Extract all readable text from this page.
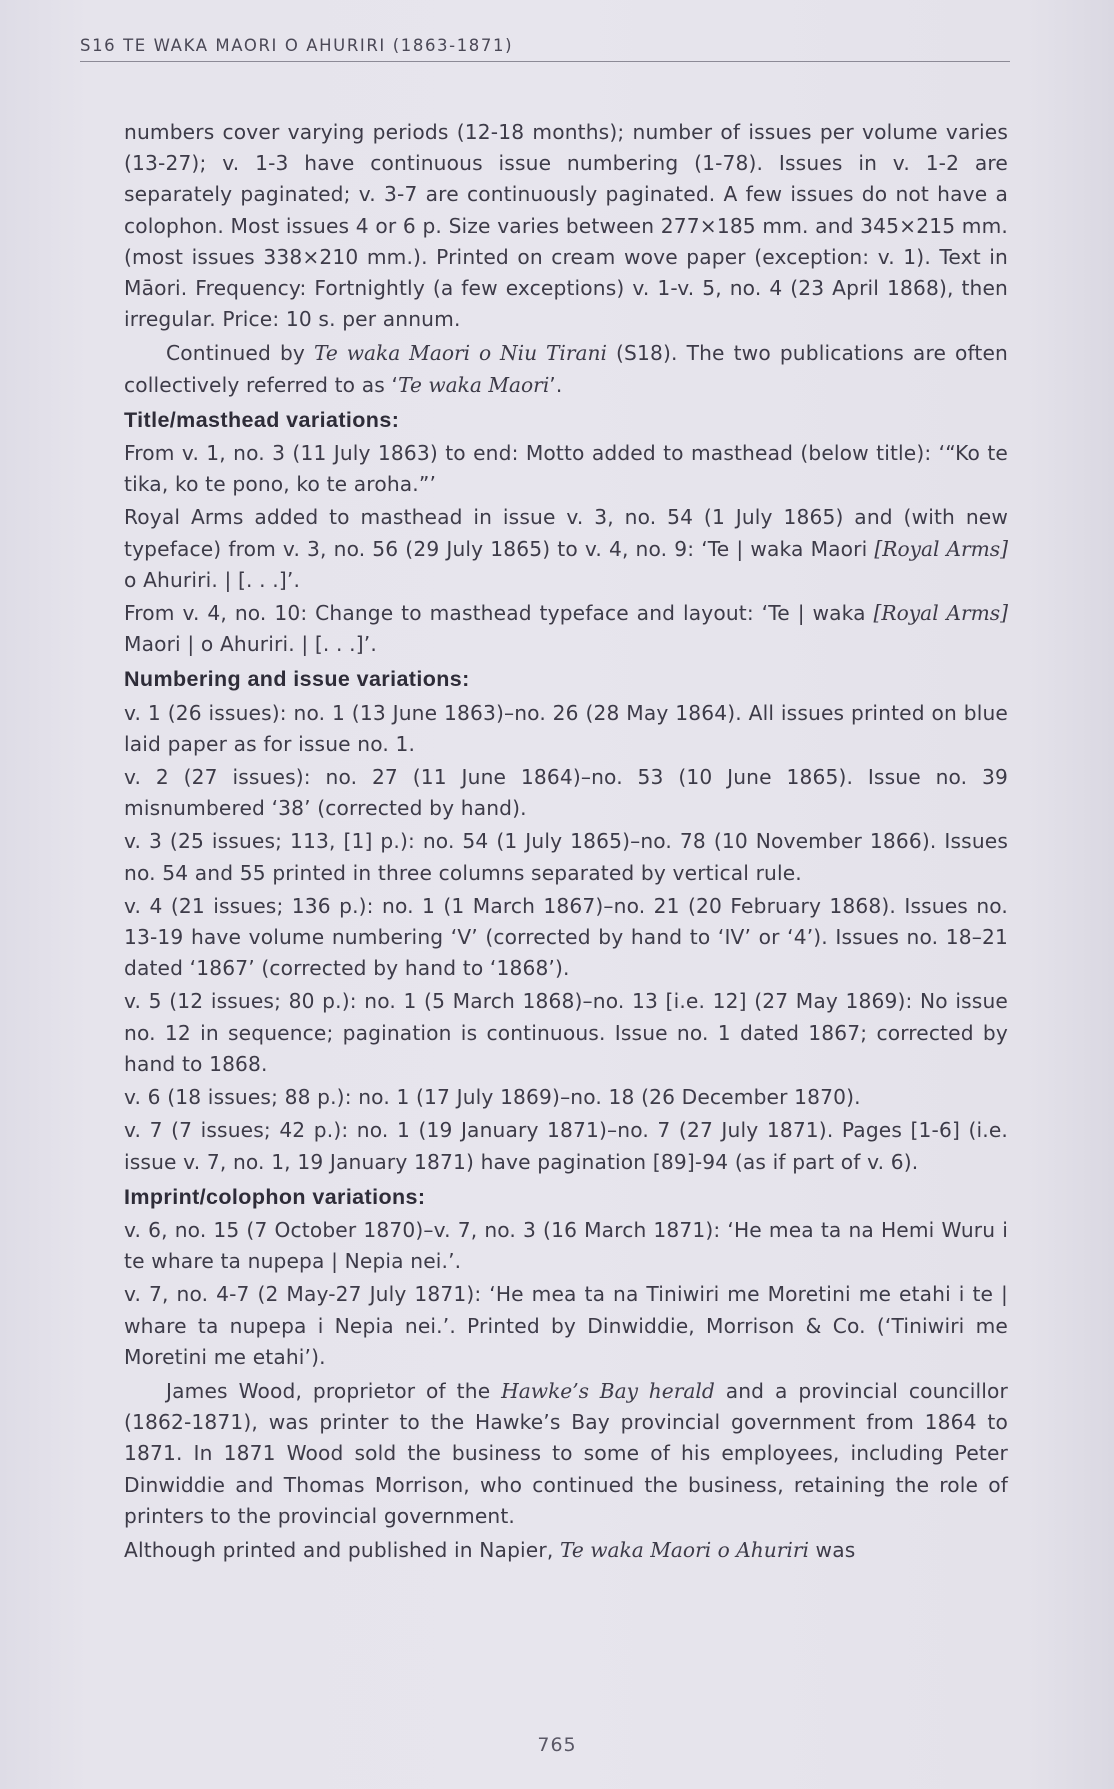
S16 TE WAKA MAORI O AHURIRI (1863-1871)

numbers cover varying periods (12-18 months); number of issues per volume varies (13-27); v. 1-3 have continuous issue numbering (1-78). Issues in v. 1-2 are separately paginated; v. 3-7 are continuously paginated. A few issues do not have a colophon. Most issues 4 or 6 p. Size varies between 277×185 mm. and 345×215 mm. (most issues 338×210 mm.). Printed on cream wove paper (exception: v. 1). Text in Māori. Frequency: Fortnightly (a few exceptions) v. 1-v. 5, no. 4 (23 April 1868), then irregular. Price: 10 s. per annum.

Continued by Te waka Maori o Niu Tirani (S18). The two publications are often collectively referred to as ‘Te waka Maori’.

Title/masthead variations:

From v. 1, no. 3 (11 July 1863) to end: Motto added to masthead (below title): ‘“Ko te tika, ko te pono, ko te aroha.”’

Royal Arms added to masthead in issue v. 3, no. 54 (1 July 1865) and (with new typeface) from v. 3, no. 56 (29 July 1865) to v. 4, no. 9: ‘Te | waka Maori [Royal Arms] o Ahuriri. | [. . .]’.

From v. 4, no. 10: Change to masthead typeface and layout: ‘Te | waka [Royal Arms] Maori | o Ahuriri. | [. . .]’.

Numbering and issue variations:

v. 1 (26 issues): no. 1 (13 June 1863)–no. 26 (28 May 1864). All issues printed on blue laid paper as for issue no. 1.

v. 2 (27 issues): no. 27 (11 June 1864)–no. 53 (10 June 1865). Issue no. 39 misnumbered ‘38’ (corrected by hand).

v. 3 (25 issues; 113, [1] p.): no. 54 (1 July 1865)–no. 78 (10 November 1866). Issues no. 54 and 55 printed in three columns separated by vertical rule.

v. 4 (21 issues; 136 p.): no. 1 (1 March 1867)–no. 21 (20 February 1868). Issues no. 13-19 have volume numbering ‘V’ (corrected by hand to ‘IV’ or ‘4’). Issues no. 18–21 dated ‘1867’ (corrected by hand to ‘1868’).

v. 5 (12 issues; 80 p.): no. 1 (5 March 1868)–no. 13 [i.e. 12] (27 May 1869): No issue no. 12 in sequence; pagination is continuous. Issue no. 1 dated 1867; corrected by hand to 1868.

v. 6 (18 issues; 88 p.): no. 1 (17 July 1869)–no. 18 (26 December 1870).

v. 7 (7 issues; 42 p.): no. 1 (19 January 1871)–no. 7 (27 July 1871). Pages [1-6] (i.e. issue v. 7, no. 1, 19 January 1871) have pagination [89]-94 (as if part of v. 6).

Imprint/colophon variations:

v. 6, no. 15 (7 October 1870)–v. 7, no. 3 (16 March 1871): ‘He mea ta na Hemi Wuru i te whare ta nupepa | Nepia nei.’.

v. 7, no. 4-7 (2 May-27 July 1871): ‘He mea ta na Tiniwiri me Moretini me etahi i te | whare ta nupepa i Nepia nei.’. Printed by Dinwiddie, Morrison & Co. (‘Tiniwiri me Moretini me etahi’).

James Wood, proprietor of the Hawke’s Bay herald and a provincial councillor (1862-1871), was printer to the Hawke’s Bay provincial government from 1864 to 1871. In 1871 Wood sold the business to some of his employees, including Peter Dinwiddie and Thomas Morrison, who continued the business, retaining the role of printers to the provincial government.

Although printed and published in Napier, Te waka Maori o Ahuriri was

765
